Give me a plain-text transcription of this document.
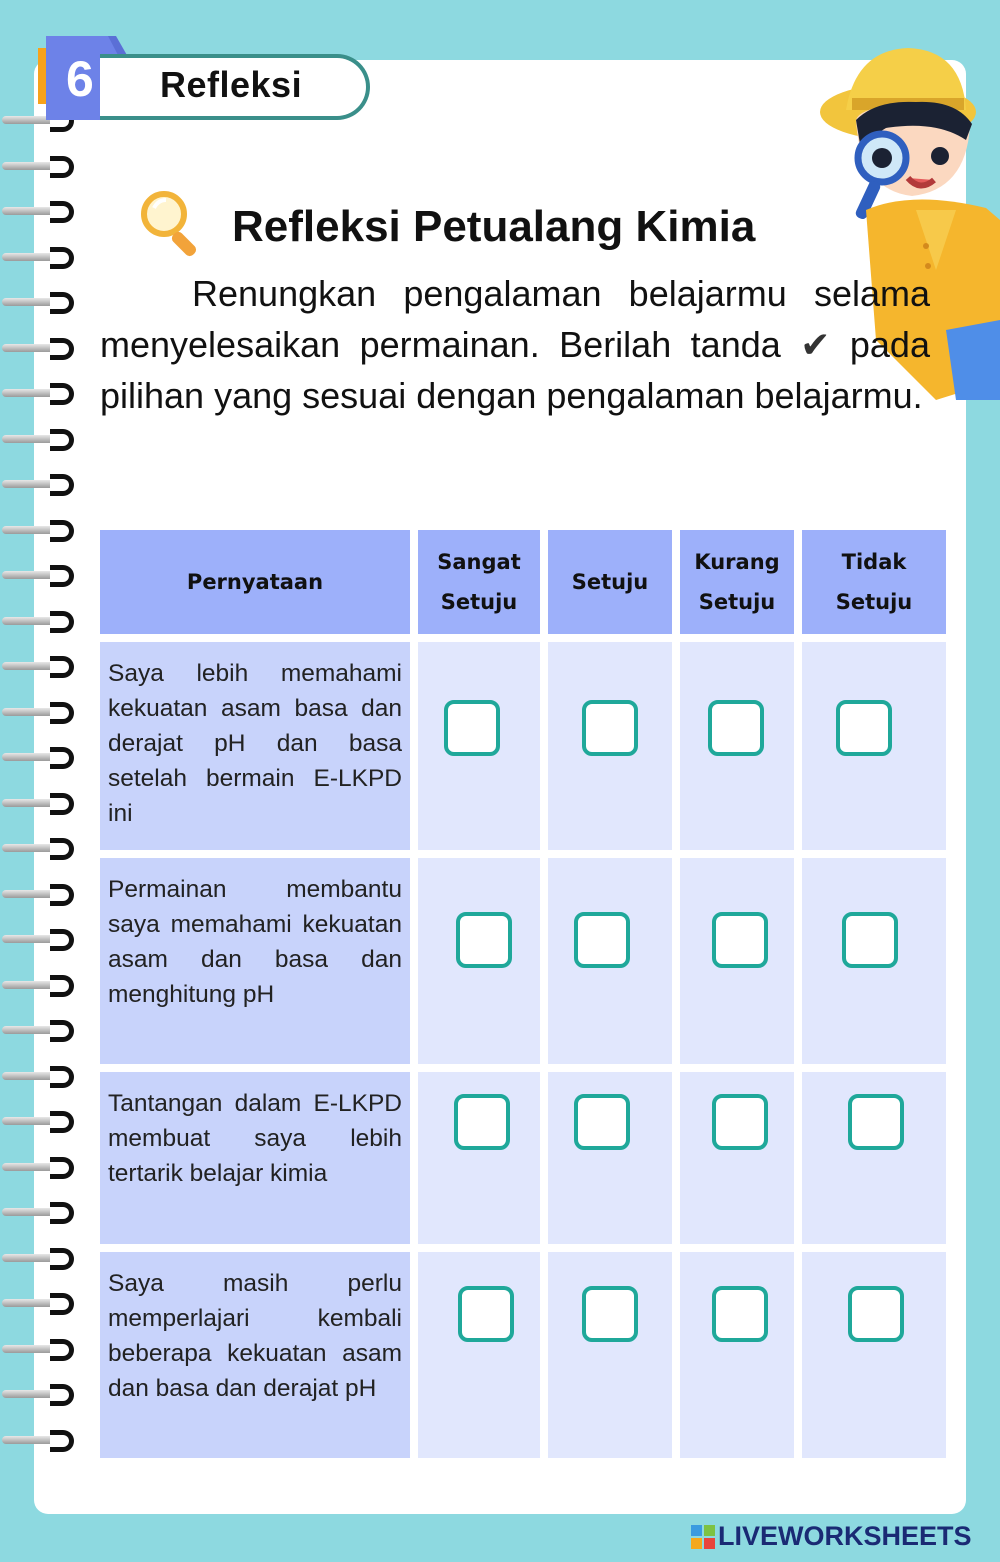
6 Refleksi
Refleksi Petualang Kimia

Renungkan pengalaman belajarmu selama menyelesaikan permainan. Berilah tanda ✔ pada pilihan yang sesuai dengan pengalaman belajarmu.

Pernyataan
Sangat
Setuju
Setuju
Kurang
Setuju
Tidak
Setuju
Saya lebih memahami kekuatan asam basa dan derajat pH dan basa setelah bermain E-LKPD ini
Permainan membantu saya memahami kekuatan asam dan basa dan menghitung pH
Tantangan dalam E-LKPD membuat saya lebih tertarik belajar kimia
Saya masih perlu memperlajari kembali beberapa kekuatan asam dan basa dan derajat pH
LIVEWORKSHEETS
